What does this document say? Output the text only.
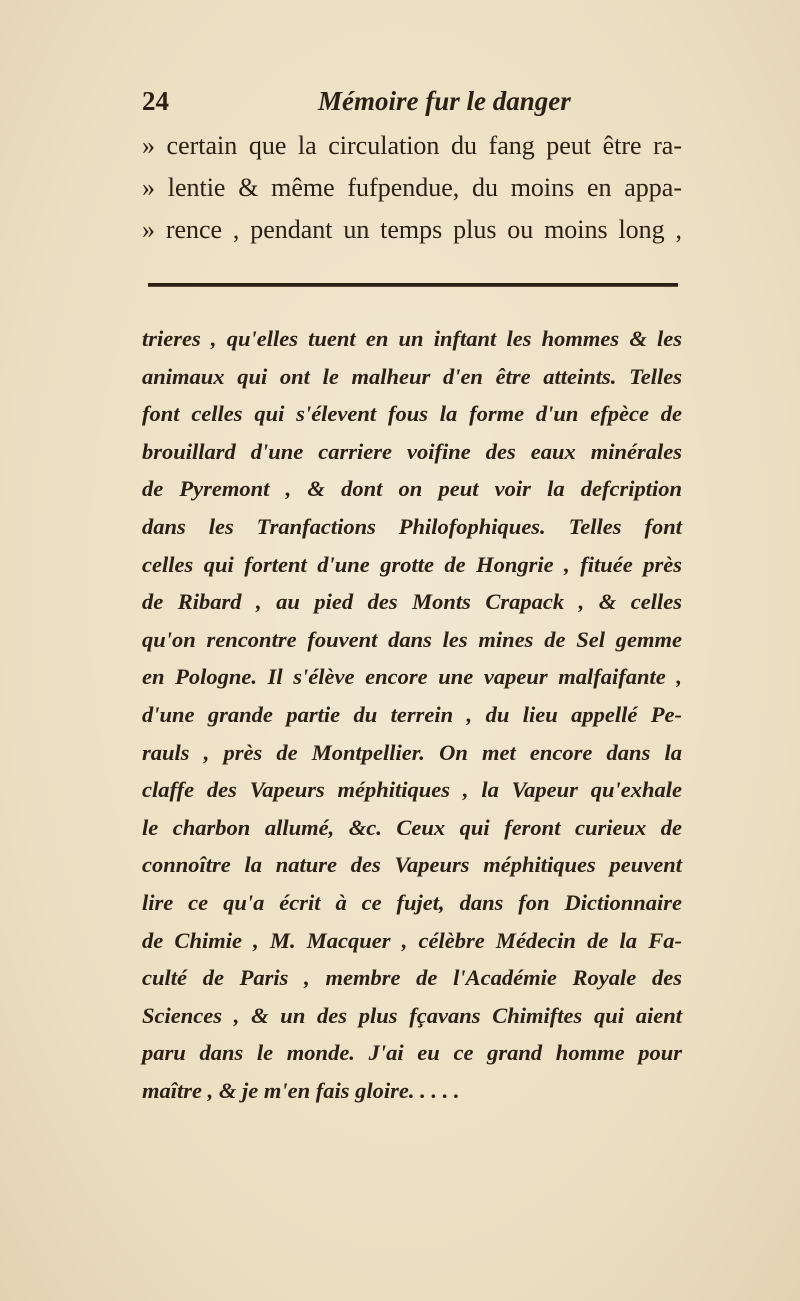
24	Mémoire fur le danger
» certain que la circulation du fang peut être ra-
» lentie & même fufpendue, du moins en appa-
» rence , pendant un temps plus ou moins long ,
trieres , qu'elles tuent en un inftant les hommes & les
animaux qui ont le malheur d'en être atteints. Telles
font celles qui s'élevent fous la forme d'un efpèce de
brouillard d'une carriere voifine des eaux minérales
de Pyremont , & dont on peut voir la defcription
dans les Tranfactions Philofophiques. Telles font
celles qui fortent d'une grotte de Hongrie , fituée près
de Ribard , au pied des Monts Crapack , & celles
qu'on rencontre fouvent dans les mines de Sel gemme
en Pologne. Il s'élève encore une vapeur malfaifante ,
d'une grande partie du terrein , du lieu appellé Pe-
rauls , près de Montpellier. On met encore dans la
claffe des Vapeurs méphitiques , la Vapeur qu'exhale
le charbon allumé, &c. Ceux qui feront curieux de
connoître la nature des Vapeurs méphitiques peuvent
lire ce qu'a écrit à ce fujet, dans fon Dictionnaire
de Chimie , M. Macquer , célèbre Médecin de la Fa-
culté de Paris , membre de l'Académie Royale des
Sciences , & un des plus fçavans Chimiftes qui aient
paru dans le monde. J'ai eu ce grand homme pour
maître , & je m'en fais gloire. . . . .
